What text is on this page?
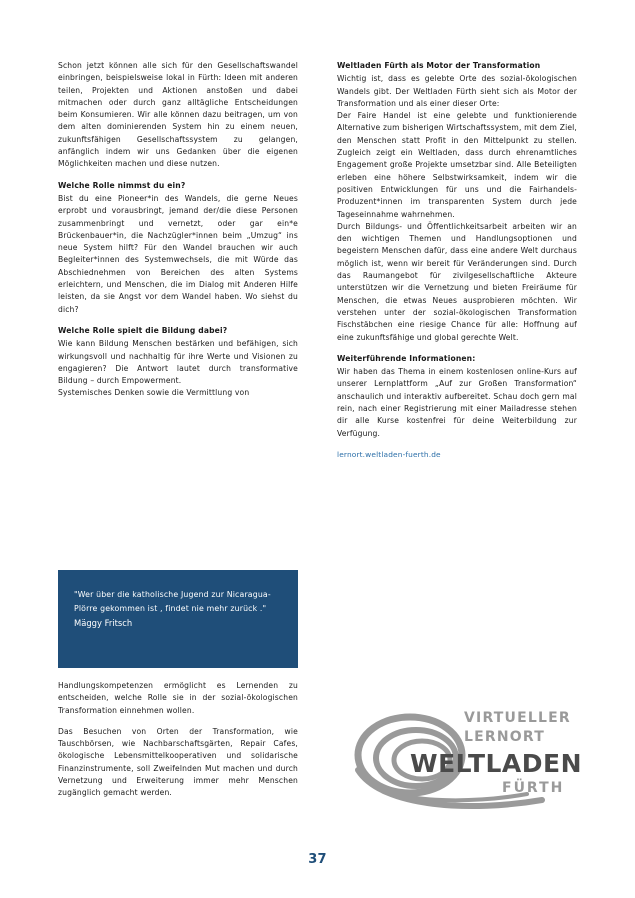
Schon jetzt können alle sich für den Gesellschaftswandel einbringen, beispielsweise lokal in Fürth: Ideen mit anderen teilen, Projekten und Aktionen anstoßen und dabei mitmachen oder durch ganz alltägliche Entscheidungen beim Konsumieren. Wir alle können dazu beitragen, um von dem alten dominierenden System hin zu einem neuen, zukunftsfähigen Gesellschaftssystem zu gelangen, anfänglich indem wir uns Gedanken über die eigenen Möglichkeiten machen und diese nutzen.

Welche Rolle nimmst du ein?

Bist du eine Pioneer*in des Wandels, die gerne Neues erprobt und vorausbringt, jemand der/die diese Personen zusammenbringt und vernetzt, oder gar ein*e Brückenbauer*in, die Nachzügler*innen beim „Umzug“ ins neue System hilft? Für den Wandel brauchen wir auch Begleiter*innen des Systemwechsels, die mit Würde das Abschiednehmen von Bereichen des alten Systems erleichtern, und Menschen, die im Dialog mit Anderen Hilfe leisten, da sie Angst vor dem Wandel haben. Wo siehst du dich?

Welche Rolle spielt die Bildung dabei?

Wie kann Bildung Menschen bestärken und befähigen, sich wirkungsvoll und nachhaltig für ihre Werte und Visionen zu engagieren? Die Antwort lautet durch transformative Bildung – durch Empowerment.

Systemisches Denken sowie die Vermittlung von

"Wer über die katholische Jugend zur Nicaragua-Plörre gekommen ist ‚ findet nie mehr zurück ."

Mäggy Fritsch

Handlungskompetenzen ermöglicht es Lernenden zu entscheiden, welche Rolle sie in der sozial-ökologischen Transformation einnehmen wollen.

Das Besuchen von Orten der Transformation, wie Tauschbörsen, wie Nachbarschaftsgärten, Repair Cafes, ökologische Lebensmittelkooperativen und solidarische Finanzinstrumente, soll Zweifelnden Mut machen und durch Vernetzung und Erweiterung immer mehr Menschen zugänglich gemacht werden.

Weltladen Fürth als Motor der Transformation

Wichtig ist, dass es gelebte Orte des sozial-ökologischen Wandels gibt. Der Weltladen Fürth sieht sich als Motor der Transformation und als einer dieser Orte:

Der Faire Handel ist eine gelebte und funktionierende Alternative zum bisherigen Wirtschaftssystem, mit dem Ziel, den Menschen statt Profit in den Mittelpunkt zu stellen. Zugleich zeigt ein Weltladen, dass durch ehrenamtliches Engagement große Projekte umsetzbar sind. Alle Beteiligten erleben eine höhere Selbstwirksamkeit, indem wir die positiven Entwicklungen für uns und die Fairhandels-Produzent*innen im transparenten System durch jede Tageseinnahme wahrnehmen.

Durch Bildungs- und Öffentlichkeitsarbeit arbeiten wir an den wichtigen Themen und Handlungsoptionen und begeistern Menschen dafür, dass eine andere Welt durchaus möglich ist, wenn wir bereit für Veränderungen sind. Durch das Raumangebot für zivilgesellschaftliche Akteure unterstützen wir die Vernetzung und bieten Freiräume für Menschen, die etwas Neues ausprobieren möchten. Wir verstehen unter der sozial-ökologischen Transformation Fischstäbchen eine riesige Chance für alle: Hoffnung auf eine zukunftsfähige und global gerechte Welt.

Weiterführende Informationen:

Wir haben das Thema in einem kostenlosen online-Kurs auf unserer Lernplattform „Auf zur Großen Transformation“ anschaulich und interaktiv aufbereitet. Schau doch gern mal rein, nach einer Registrierung mit einer Mailadresse stehen dir alle Kurse kostenfrei für deine Weiterbildung zur Verfügung.

lernort.weltladen-fuerth.de
VIRTUELLER
LERNORT
WELTLADEN
FÜRTH
37
